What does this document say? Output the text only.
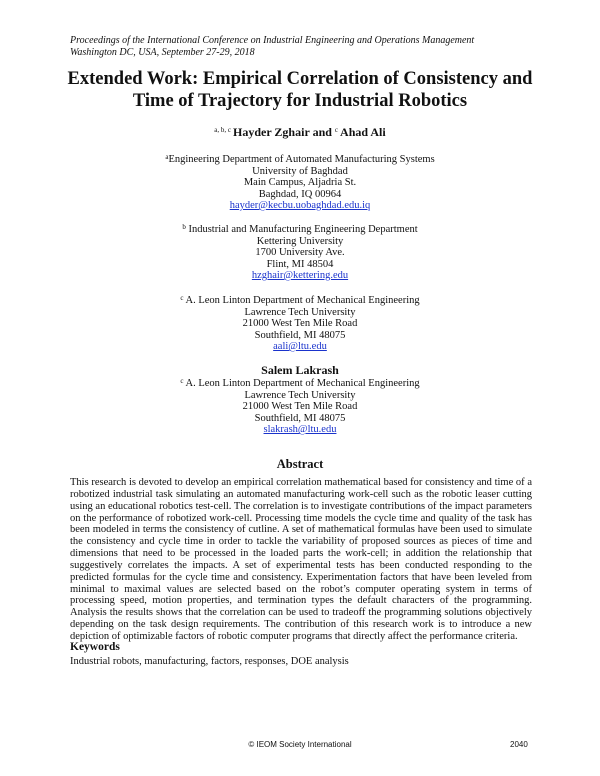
Proceedings of the International Conference on Industrial Engineering and Operations Management
Washington DC, USA, September 27-29, 2018
Extended Work: Empirical Correlation of Consistency and
Time of Trajectory for Industrial Robotics
$^{a, b, c}$ Hayder Zghair and $^c$ Ahad Ali
$^a$Engineering Department of Automated Manufacturing Systems
University of Baghdad
Main Campus, Aljadria St.
Baghdad, IQ 00964
hayder@kecbu.uobaghdad.edu.iq
$^b$ Industrial and Manufacturing Engineering Department
Kettering University
1700 University Ave.
Flint, MI 48504
hzghair@kettering.edu
$^c$ A. Leon Linton Department of Mechanical Engineering
Lawrence Tech University
21000 West Ten Mile Road
Southfield, MI 48075
aali@ltu.edu
Salem Lakrash
$^c$ A. Leon Linton Department of Mechanical Engineering
Lawrence Tech University
21000 West Ten Mile Road
Southfield, MI 48075
slakrash@ltu.edu
Abstract
This research is devoted to develop an empirical correlation mathematical based for consistency and time of a robotized industrial task simulating an automated manufacturing work-cell such as the robotic leaser cutting using an educational robotics test-cell. The correlation is to investigate contributions of the impact parameters on the performance of robotized work-cell. Processing time models the cycle time and quality of the task has been modeled in terms the consistency of cutline. A set of mathematical formulas have been used to simulate the consistency and cycle time in order to tackle the variability of proposed sources as pieces of time and dimensions that need to be processed in the loaded parts the work-cell; in addition the relationship that suggestively correlates the impacts. A set of experimental tests has been conducted responding to the predicted formulas for the cycle time and consistency. Experimentation factors that have been leveled from minimal to maximal values are selected based on the robot’s computer operating system in terms of processing speed, motion properties, and termination types the default characters of the programming. Analysis the results shows that the correlation can be used to tradeoff the programming solutions objectively depending on the task design requirements. The contribution of this research work is to introduce a new depiction of optimizable factors of robotic computer programs that directly affect the performance criteria.
Keywords
Industrial robots, manufacturing, factors, responses, DOE analysis
© IEOM Society International	2040
